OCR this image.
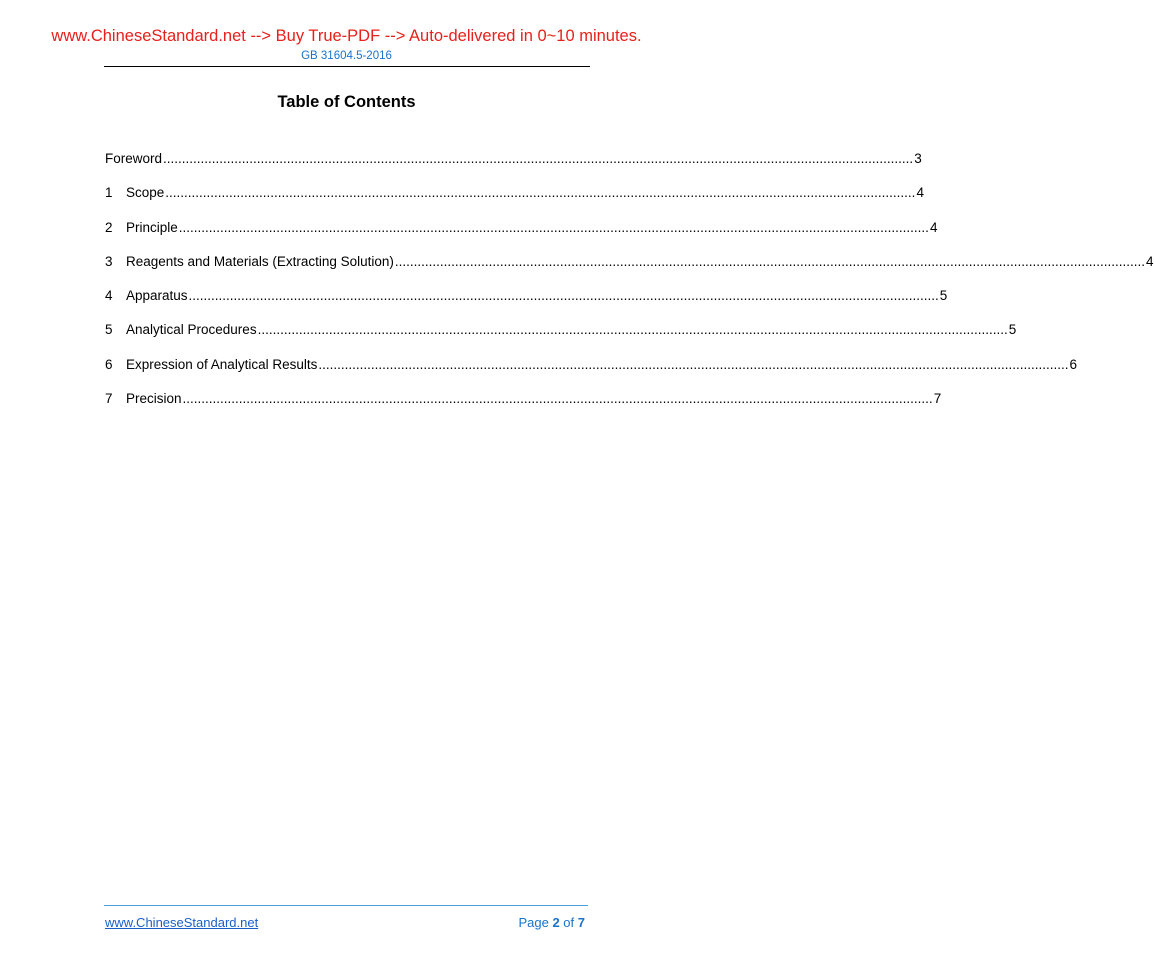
www.ChineseStandard.net --> Buy True-PDF --> Auto-delivered in 0~10 minutes.
GB 31604.5-2016
Table of Contents
Foreword ........................................................................................................................................................................................................ 3
1 Scope ........................................................................................................................................................................................................ 4
2 Principle ........................................................................................................................................................................................................ 4
3 Reagents and Materials (Extracting Solution) ........................................................................................................................................................................................................ 4
4 Apparatus ........................................................................................................................................................................................................ 5
5 Analytical Procedures ........................................................................................................................................................................................................ 5
6 Expression of Analytical Results ........................................................................................................................................................................................................ 6
7 Precision ........................................................................................................................................................................................................ 7
www.ChineseStandard.net	Page 2 of 7
